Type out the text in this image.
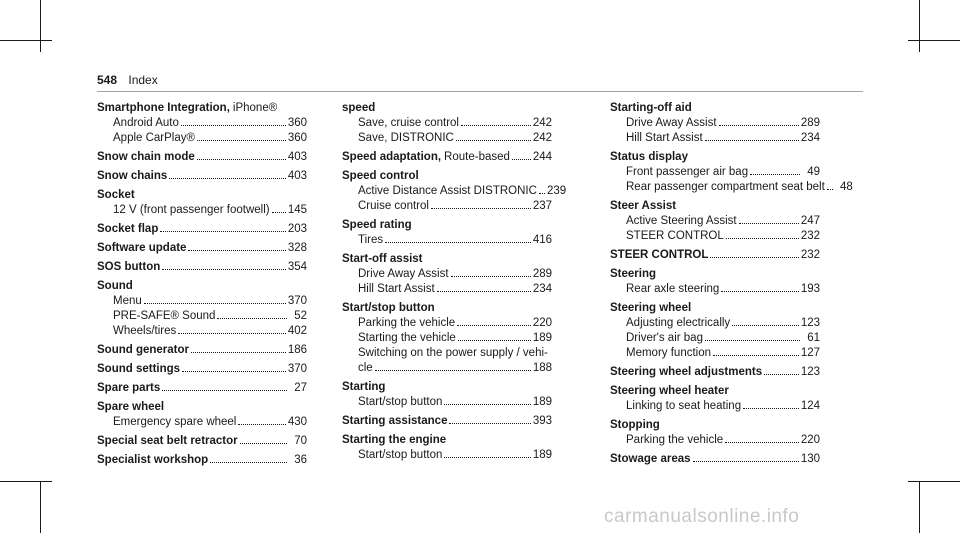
548 Index
Smartphone Integration, iPhone®
Android Auto	360
Apple CarPlay®	360
Snow chain mode	403
Snow chains	403
Socket
12 V (front passenger footwell) 145
Socket flap	203
Software update	328
SOS button	354
Sound
Menu	370
PRE-SAFE® Sound	52
Wheels/tires	402
Sound generator	186
Sound settings	370
Spare parts	27
Spare wheel
Emergency spare wheel	430
Special seat belt retractor	70
Specialist workshop	36
speed
Save, cruise control	242
Save, DISTRONIC	242
Speed adaptation, Route-based 244
Speed control
Active Distance Assist DISTRONIC 239
Cruise control	237
Speed rating
Tires	416
Start-off assist
Drive Away Assist	289
Hill Start Assist	234
Start/stop button
Parking the vehicle	220
Starting the vehicle	189
Switching on the power supply / vehi-
cle	188
Starting
Start/stop button	189
Starting assistance	393
Starting the engine
Start/stop button	189
Starting-off aid
Drive Away Assist	289
Hill Start Assist	234
Status display
Front passenger air bag	49
Rear passenger compartment seat belt	48
Steer Assist
Active Steering Assist	247
STEER CONTROL	232
STEER CONTROL	232
Steering
Rear axle steering	193
Steering wheel
Adjusting electrically	123
Driver's air bag	61
Memory function	127
Steering wheel adjustments	123
Steering wheel heater
Linking to seat heating	124
Stopping
Parking the vehicle	220
Stowage areas	130
carmanualsonline.info
